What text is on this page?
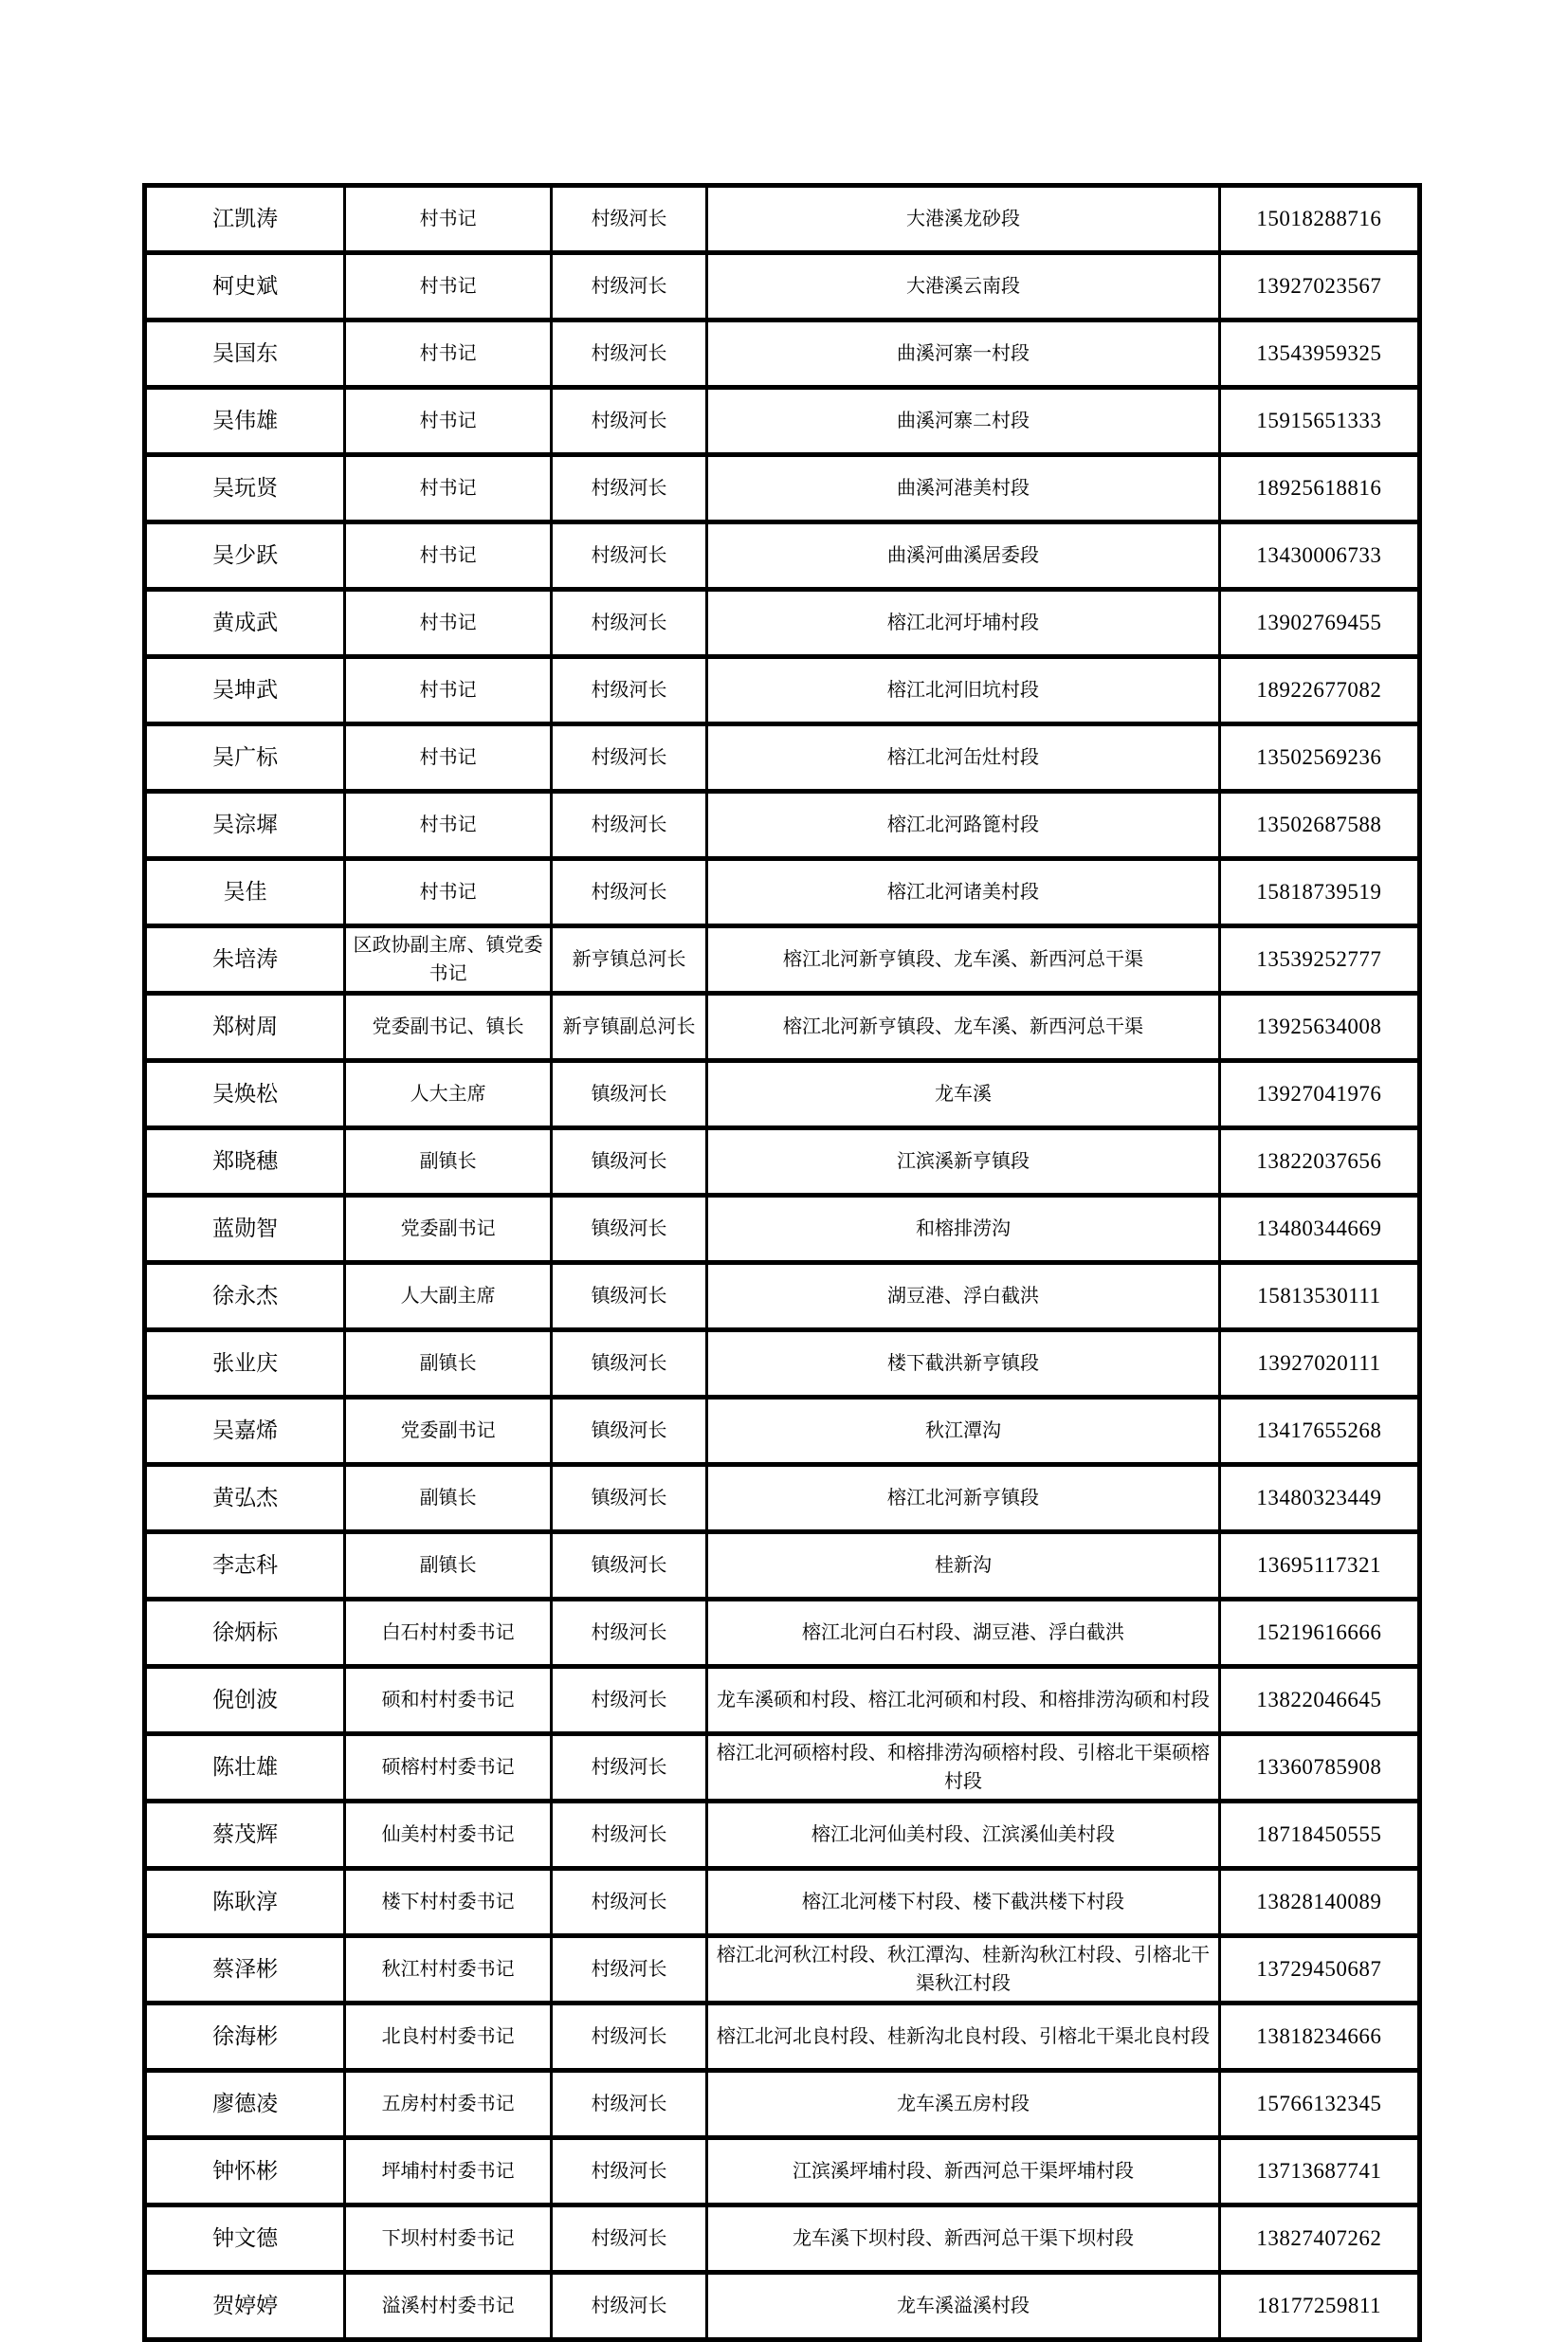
江凯涛	村书记	村级河长	大港溪龙砂段	15018288716
柯史斌	村书记	村级河长	大港溪云南段	13927023567
吴国东	村书记	村级河长	曲溪河寨一村段	13543959325
吴伟雄	村书记	村级河长	曲溪河寨二村段	15915651333
吴玩贤	村书记	村级河长	曲溪河港美村段	18925618816
吴少跃	村书记	村级河长	曲溪河曲溪居委段	13430006733
黄成武	村书记	村级河长	榕江北河圩埔村段	13902769455
吴坤武	村书记	村级河长	榕江北河旧坑村段	18922677082
吴广标	村书记	村级河长	榕江北河缶灶村段	13502569236
吴淙墀	村书记	村级河长	榕江北河路篦村段	13502687588
吴佳	村书记	村级河长	榕江北河诸美村段	15818739519
朱培涛	区政协副主席、镇党委书记	新亨镇总河长	榕江北河新亨镇段、龙车溪、新西河总干渠	13539252777
郑树周	党委副书记、镇长	新亨镇副总河长	榕江北河新亨镇段、龙车溪、新西河总干渠	13925634008
吴焕松	人大主席	镇级河长	龙车溪	13927041976
郑晓穗	副镇长	镇级河长	江滨溪新亨镇段	13822037656
蓝勋智	党委副书记	镇级河长	和榕排涝沟	13480344669
徐永杰	人大副主席	镇级河长	湖豆港、浮白截洪	15813530111
张业庆	副镇长	镇级河长	楼下截洪新亨镇段	13927020111
吴嘉烯	党委副书记	镇级河长	秋江潭沟	13417655268
黄弘杰	副镇长	镇级河长	榕江北河新亨镇段	13480323449
李志科	副镇长	镇级河长	桂新沟	13695117321
徐炳标	白石村村委书记	村级河长	榕江北河白石村段、湖豆港、浮白截洪	15219616666
倪创波	硕和村村委书记	村级河长	龙车溪硕和村段、榕江北河硕和村段、和榕排涝沟硕和村段	13822046645
陈壮雄	硕榕村村委书记	村级河长	榕江北河硕榕村段、和榕排涝沟硕榕村段、引榕北干渠硕榕村段	13360785908
蔡茂辉	仙美村村委书记	村级河长	榕江北河仙美村段、江滨溪仙美村段	18718450555
陈耿淳	楼下村村委书记	村级河长	榕江北河楼下村段、楼下截洪楼下村段	13828140089
蔡泽彬	秋江村村委书记	村级河长	榕江北河秋江村段、秋江潭沟、桂新沟秋江村段、引榕北干渠秋江村段	13729450687
徐海彬	北良村村委书记	村级河长	榕江北河北良村段、桂新沟北良村段、引榕北干渠北良村段	13818234666
廖德凌	五房村村委书记	村级河长	龙车溪五房村段	15766132345
钟怀彬	坪埔村村委书记	村级河长	江滨溪坪埔村段、新西河总干渠坪埔村段	13713687741
钟文德	下坝村村委书记	村级河长	龙车溪下坝村段、新西河总干渠下坝村段	13827407262
贺婷婷	溢溪村村委书记	村级河长	龙车溪溢溪村段	18177259811
